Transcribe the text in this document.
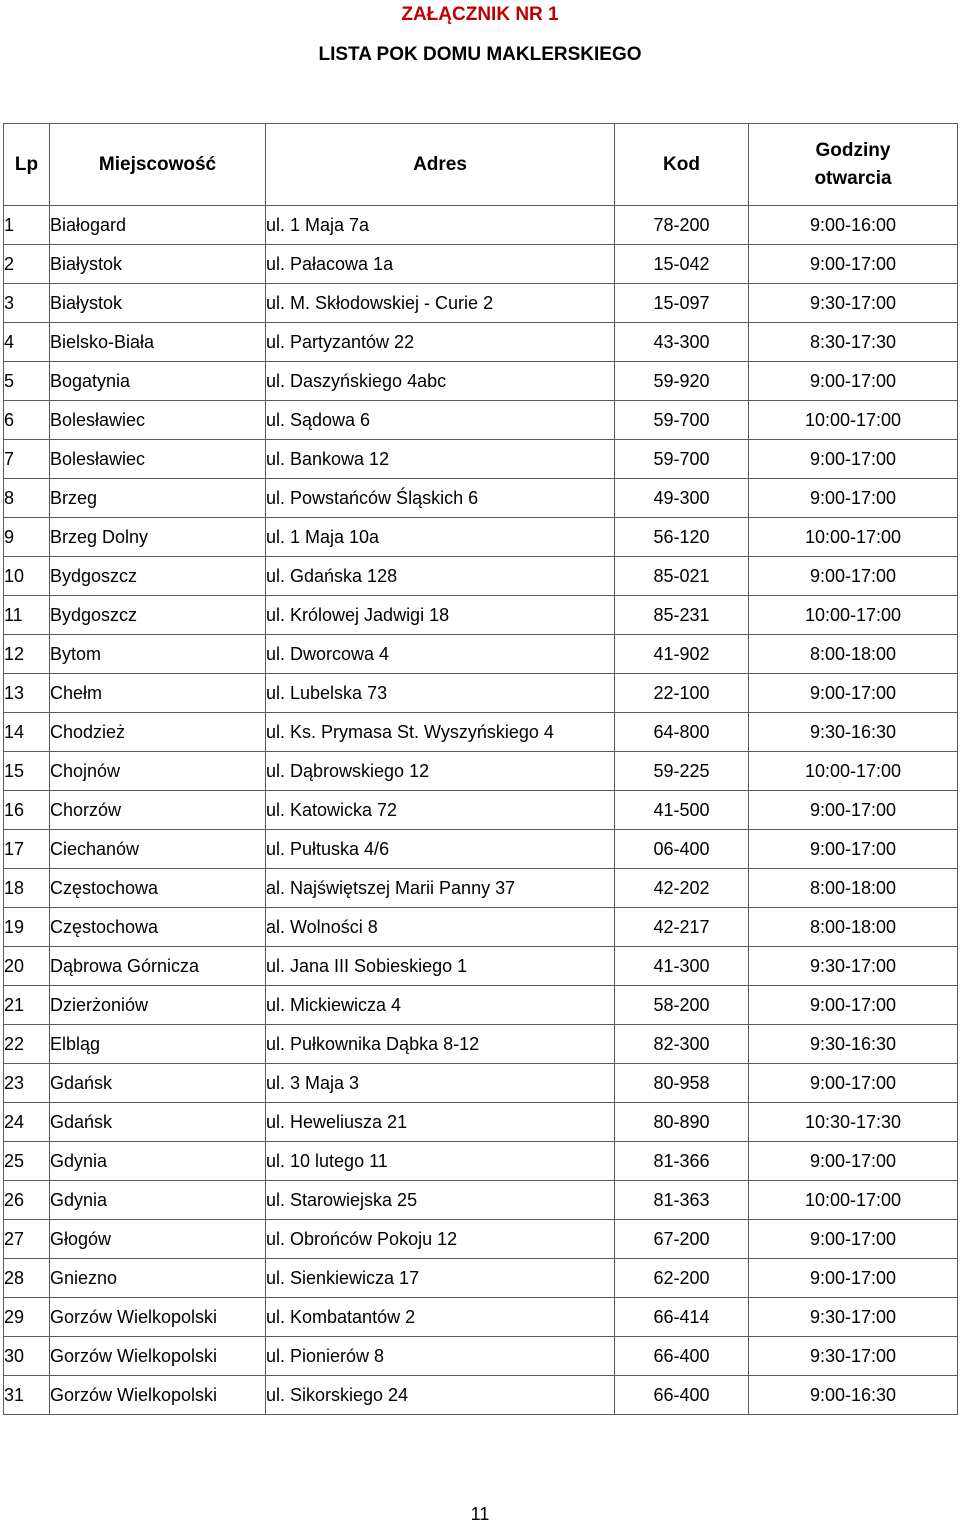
ZAŁĄCZNIK NR 1
LISTA POK DOMU MAKLERSKIEGO
Lp	Miejscowość	Adres	Kod	Godziny
otwarcia
1	Białogard	ul. 1 Maja 7a	78-200	9:00-16:00
2	Białystok	ul. Pałacowa 1a	15-042	9:00-17:00
3	Białystok	ul. M. Skłodowskiej - Curie 2	15-097	9:30-17:00
4	Bielsko-Biała	ul. Partyzantów 22	43-300	8:30-17:30
5	Bogatynia	ul. Daszyńskiego 4abc	59-920	9:00-17:00
6	Bolesławiec	ul. Sądowa 6	59-700	10:00-17:00
7	Bolesławiec	ul. Bankowa 12	59-700	9:00-17:00
8	Brzeg	ul. Powstańców Śląskich 6	49-300	9:00-17:00
9	Brzeg Dolny	ul. 1 Maja 10a	56-120	10:00-17:00
10	Bydgoszcz	ul. Gdańska 128	85-021	9:00-17:00
11	Bydgoszcz	ul. Królowej Jadwigi 18	85-231	10:00-17:00
12	Bytom	ul. Dworcowa 4	41-902	8:00-18:00
13	Chełm	ul. Lubelska 73	22-100	9:00-17:00
14	Chodzież	ul. Ks. Prymasa St. Wyszyńskiego 4	64-800	9:30-16:30
15	Chojnów	ul. Dąbrowskiego 12	59-225	10:00-17:00
16	Chorzów	ul. Katowicka 72	41-500	9:00-17:00
17	Ciechanów	ul. Pułtuska 4/6	06-400	9:00-17:00
18	Częstochowa	al. Najświętszej Marii Panny 37	42-202	8:00-18:00
19	Częstochowa	al. Wolności 8	42-217	8:00-18:00
20	Dąbrowa Górnicza	ul. Jana III Sobieskiego 1	41-300	9:30-17:00
21	Dzierżoniów	ul. Mickiewicza 4	58-200	9:00-17:00
22	Elbląg	ul. Pułkownika Dąbka 8-12	82-300	9:30-16:30
23	Gdańsk	ul. 3 Maja 3	80-958	9:00-17:00
24	Gdańsk	ul. Heweliusza 21	80-890	10:30-17:30
25	Gdynia	ul. 10 lutego 11	81-366	9:00-17:00
26	Gdynia	ul. Starowiejska 25	81-363	10:00-17:00
27	Głogów	ul. Obrońców Pokoju 12	67-200	9:00-17:00
28	Gniezno	ul. Sienkiewicza 17	62-200	9:00-17:00
29	Gorzów Wielkopolski	ul. Kombatantów 2	66-414	9:30-17:00
30	Gorzów Wielkopolski	ul. Pionierów 8	66-400	9:30-17:00
31	Gorzów Wielkopolski	ul. Sikorskiego 24	66-400	9:00-16:30
11
